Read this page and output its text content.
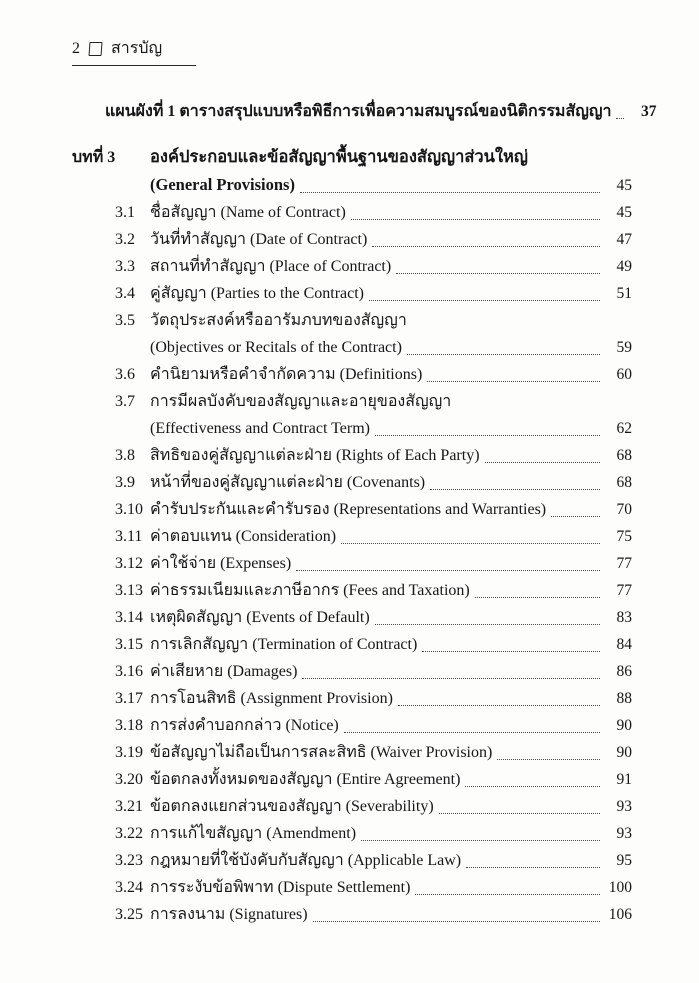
2 สารบัญ
แผนผังที่ 1 ตารางสรุปแบบหรือพิธีการเพื่อความสมบูรณ์ของนิติกรรมสัญญา	37
บทที่ 3	องค์ประกอบและข้อสัญญาพื้นฐานของสัญญาส่วนใหญ่
(General Provisions)	45
3.1 ชื่อสัญญา (Name of Contract)	45
3.2 วันที่ทำสัญญา (Date of Contract)	47
3.3 สถานที่ทำสัญญา (Place of Contract)	49
3.4 คู่สัญญา (Parties to the Contract)	51
3.5 วัตถุประสงค์หรืออารัมภบทของสัญญา
(Objectives or Recitals of the Contract)	59
3.6 คำนิยามหรือคำจำกัดความ (Definitions)	60
3.7 การมีผลบังคับของสัญญาและอายุของสัญญา
(Effectiveness and Contract Term)	62
3.8 สิทธิของคู่สัญญาแต่ละฝ่าย (Rights of Each Party)	68
3.9 หน้าที่ของคู่สัญญาแต่ละฝ่าย (Covenants)	68
3.10 คำรับประกันและคำรับรอง (Representations and Warranties)	70
3.11 ค่าตอบแทน (Consideration)	75
3.12 ค่าใช้จ่าย (Expenses)	77
3.13 ค่าธรรมเนียมและภาษีอากร (Fees and Taxation)	77
3.14 เหตุผิดสัญญา (Events of Default)	83
3.15 การเลิกสัญญา (Termination of Contract)	84
3.16 ค่าเสียหาย (Damages)	86
3.17 การโอนสิทธิ (Assignment Provision)	88
3.18 การส่งคำบอกกล่าว (Notice)	90
3.19 ข้อสัญญาไม่ถือเป็นการสละสิทธิ (Waiver Provision)	90
3.20 ข้อตกลงทั้งหมดของสัญญา (Entire Agreement)	91
3.21 ข้อตกลงแยกส่วนของสัญญา (Severability)	93
3.22 การแก้ไขสัญญา (Amendment)	93
3.23 กฎหมายที่ใช้บังคับกับสัญญา (Applicable Law)	95
3.24 การระงับข้อพิพาท (Dispute Settlement)	100
3.25 การลงนาม (Signatures)	106
